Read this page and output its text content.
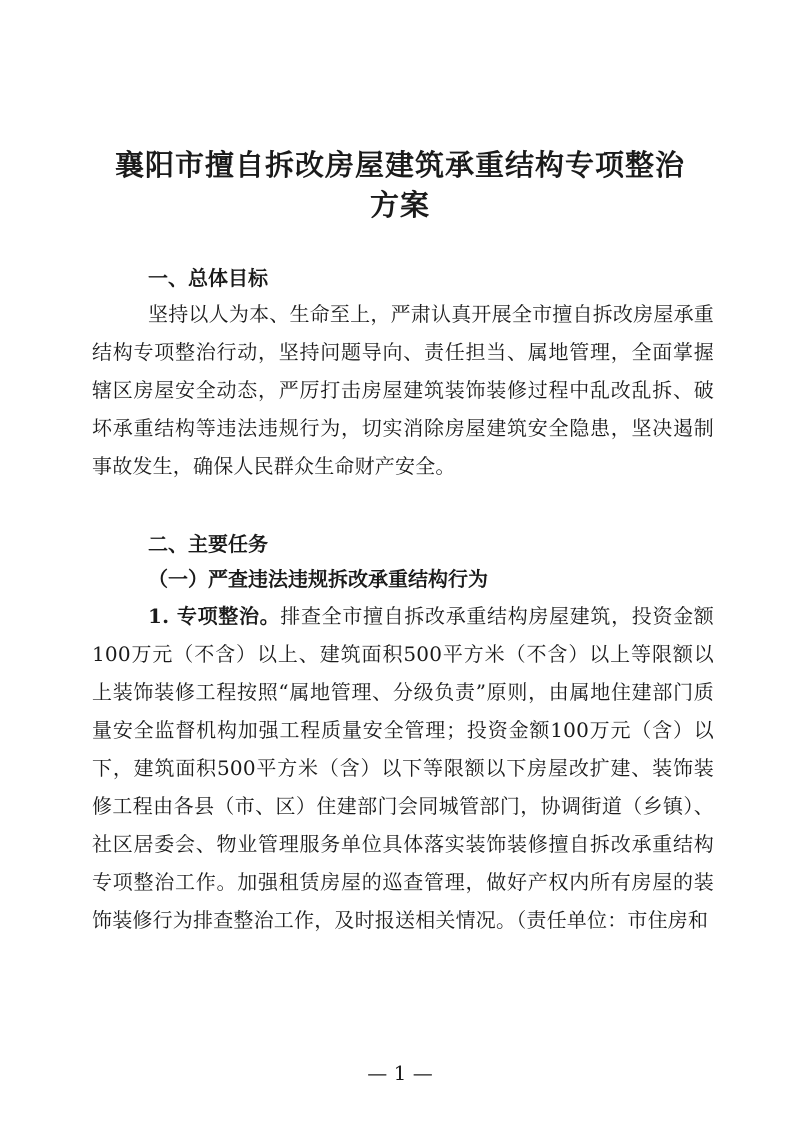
襄阳市擅自拆改房屋建筑承重结构专项整治
方案
一、总体目标

坚持以人为本、生命至上，严肃认真开展全市擅自拆改房屋承重结构专项整治行动，坚持问题导向、责任担当、属地管理，全面掌握辖区房屋安全动态，严厉打击房屋建筑装饰装修过程中乱改乱拆、破坏承重结构等违法违规行为，切实消除房屋建筑安全隐患，坚决遏制事故发生，确保人民群众生命财产安全。

二、主要任务
（一）严查违法违规拆改承重结构行为

1. 专项整治。排查全市擅自拆改承重结构房屋建筑，投资金额100万元（不含）以上、建筑面积500平方米（不含）以上等限额以上装饰装修工程按照“属地管理、分级负责”原则，由属地住建部门质量安全监督机构加强工程质量安全管理；投资金额100万元（含）以下，建筑面积500平方米（含）以下等限额以下房屋改扩建、装饰装修工程由各县（市、区）住建部门会同城管部门，协调街道（乡镇）、社区居委会、物业管理服务单位具体落实装饰装修擅自拆改承重结构专项整治工作。加强租赁房屋的巡查管理，做好产权内所有房屋的装饰装修行为排查整治工作，及时报送相关情况。（责任单位：市住房和

— 1 —
